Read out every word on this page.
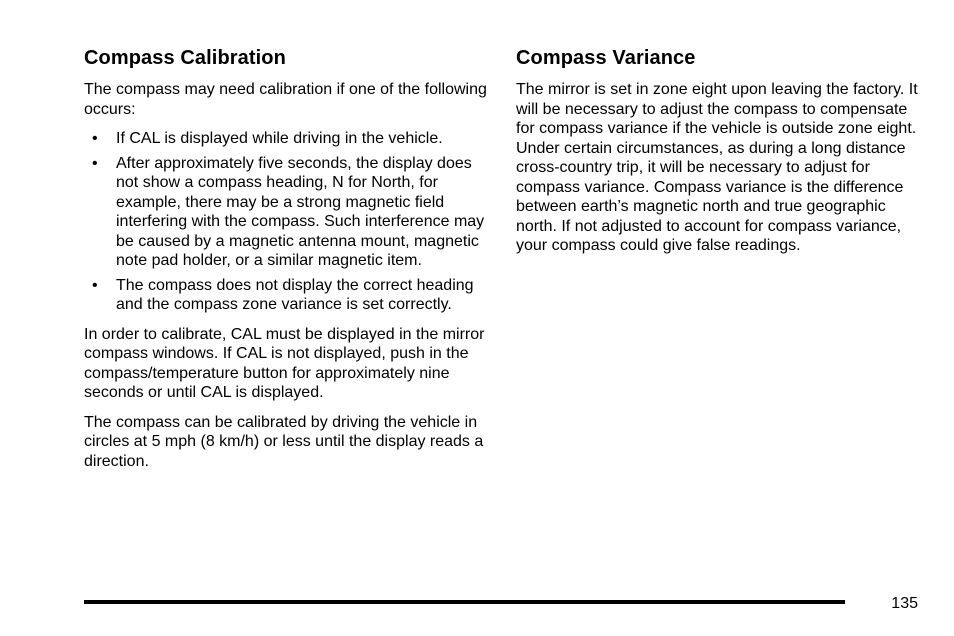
Compass Calibration

The compass may need calibration if one of the following occurs:

• If CAL is displayed while driving in the vehicle.
• After approximately five seconds, the display does not show a compass heading, N for North, for example, there may be a strong magnetic field interfering with the compass. Such interference may be caused by a magnetic antenna mount, magnetic note pad holder, or a similar magnetic item.
• The compass does not display the correct heading and the compass zone variance is set correctly.

In order to calibrate, CAL must be displayed in the mirror compass windows. If CAL is not displayed, push in the compass/temperature button for approximately nine seconds or until CAL is displayed.

The compass can be calibrated by driving the vehicle in circles at 5 mph (8 km/h) or less until the display reads a direction.

Compass Variance

The mirror is set in zone eight upon leaving the factory. It will be necessary to adjust the compass to compensate for compass variance if the vehicle is outside zone eight. Under certain circumstances, as during a long distance cross-country trip, it will be necessary to adjust for compass variance. Compass variance is the difference between earth’s magnetic north and true geographic north. If not adjusted to account for compass variance, your compass could give false readings.

135
